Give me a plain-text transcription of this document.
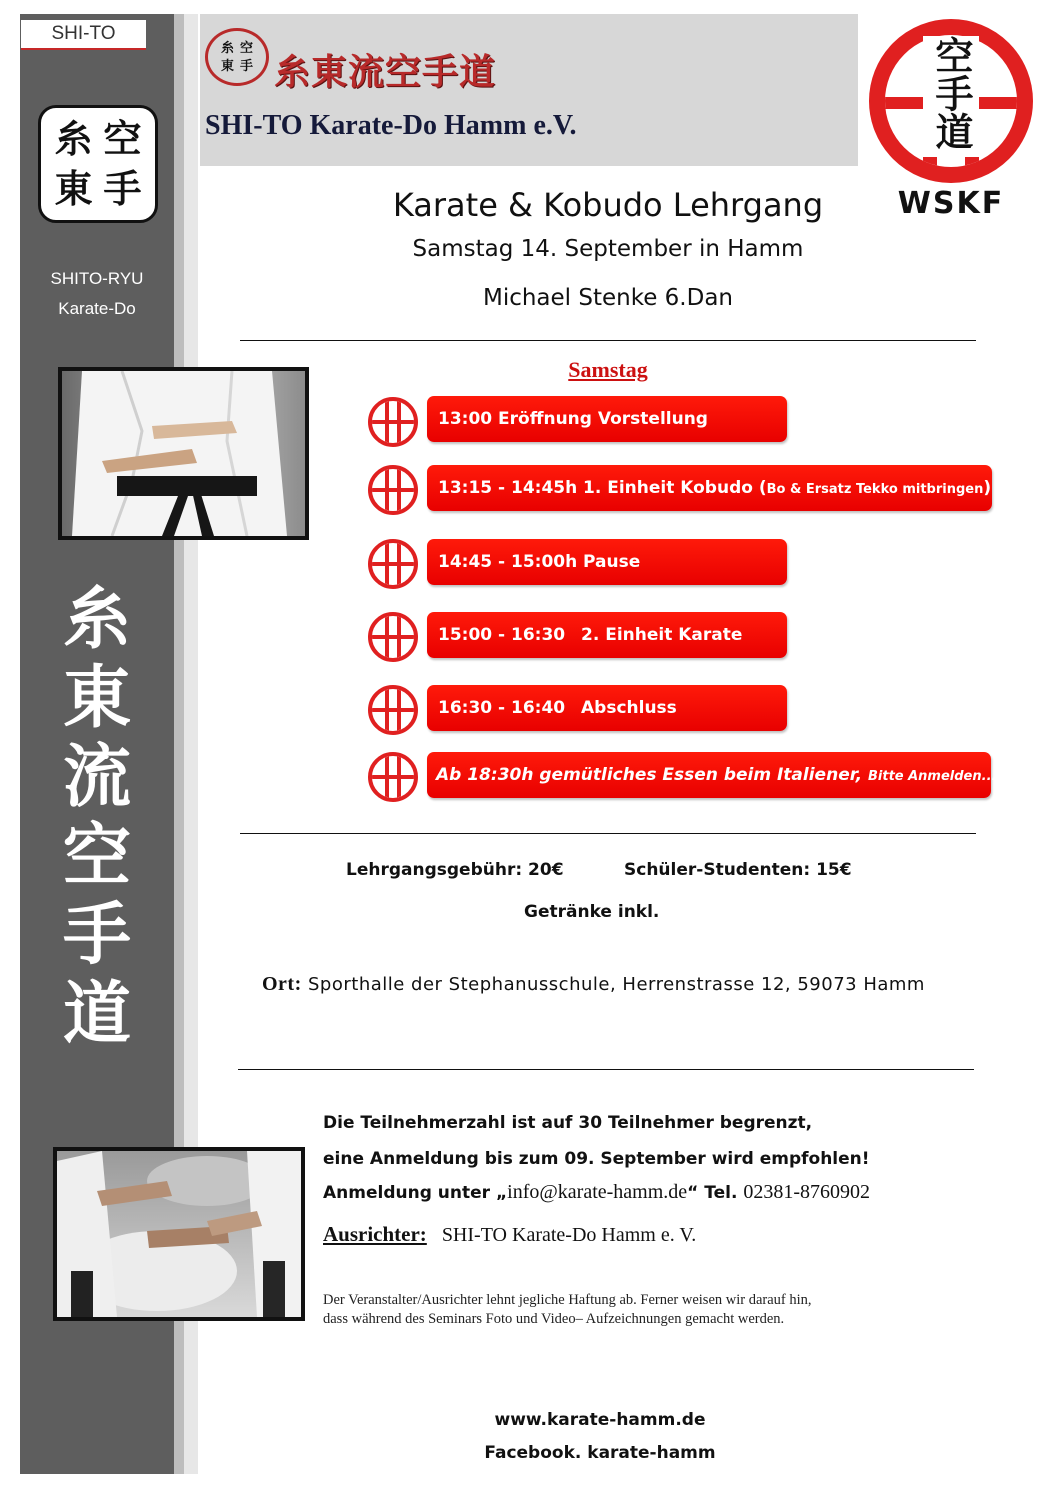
SHI-TO
糸 空
東 手
SHITO-RYU
Karate-Do
糸
東
流
空
手
道
糸 空
東 手 糸東流空手道
SHI-TO Karate-Do Hamm e.V.	空手道
WSKF
Karate & Kobudo Lehrgang
Samstag 14. September in Hamm
Michael Stenke 6.Dan
Samstag
13:00 Eröffnung Vorstellung
13:15 - 14:45h 1. Einheit Kobudo (Bo & Ersatz Tekko mitbringen)
14:45 - 15:00h Pause
15:00 - 16:30 2. Einheit Karate
16:30 - 16:40 Abschluss
Ab 18:30h gemütliches Essen beim Italiener, Bitte Anmelden...
Lehrgangsgebühr: 20€	Schüler-Studenten: 15€
Getränke inkl.
Ort: Sporthalle der Stephanusschule, Herrenstrasse 12, 59073 Hamm
Die Teilnehmerzahl ist auf 30 Teilnehmer begrenzt,
eine Anmeldung bis zum 09. September wird empfohlen!
Anmeldung unter „info@karate-hamm.de“ Tel. 02381-8760902
Ausrichter: SHI-TO Karate-Do Hamm e. V.
Der Veranstalter/Ausrichter lehnt jegliche Haftung ab. Ferner weisen wir darauf hin,
dass während des Seminars Foto und Video– Aufzeichnungen gemacht werden.
www.karate-hamm.de
Facebook. karate-hamm
